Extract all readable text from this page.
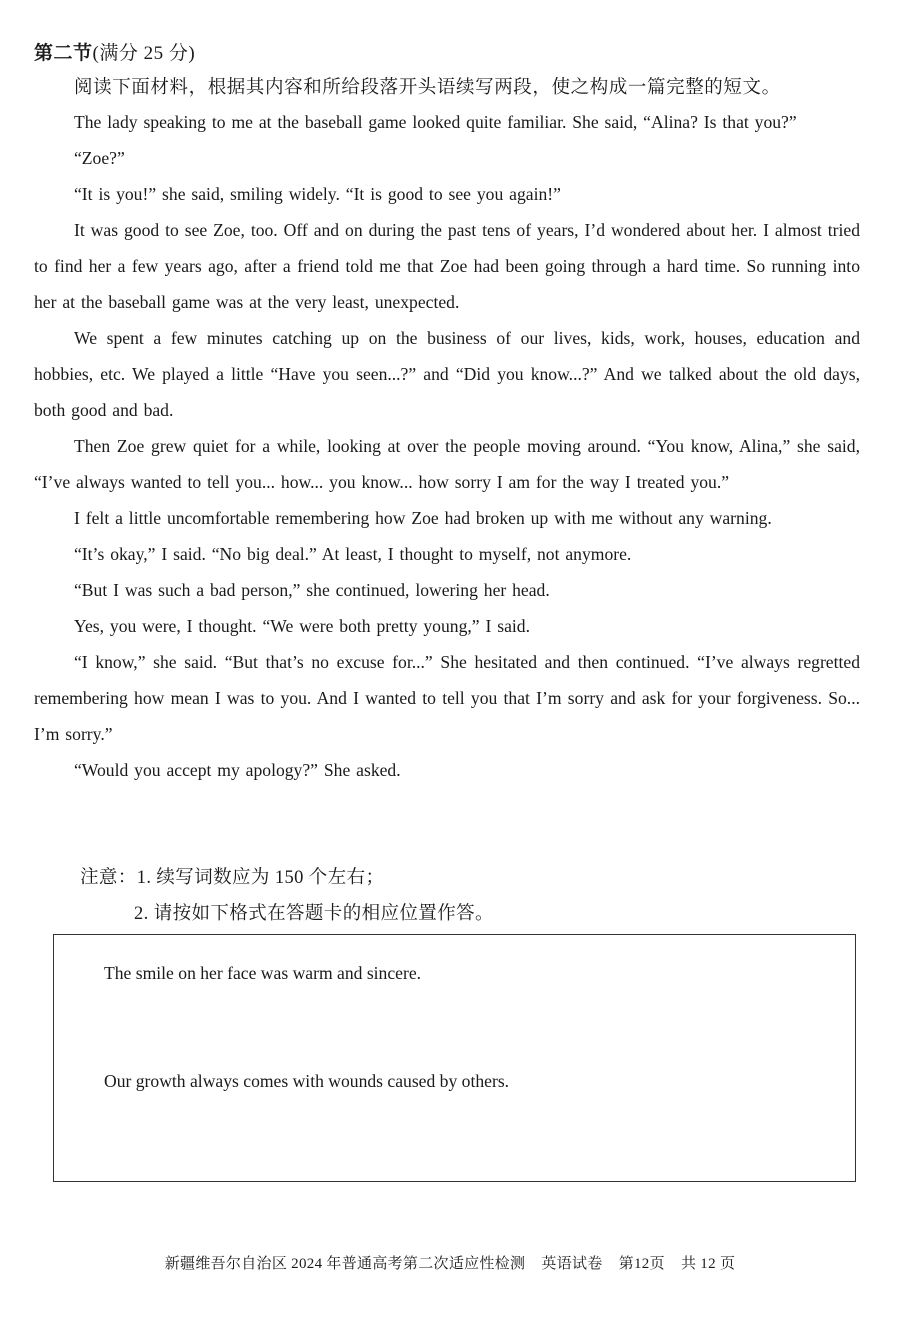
第二节(满分 25 分)
阅读下面材料，根据其内容和所给段落开头语续写两段，使之构成一篇完整的短文。

The lady speaking to me at the baseball game looked quite familiar. She said, “Alina? Is that you?”

“Zoe?”

“It is you!” she said, smiling widely. “It is good to see you again!”

It was good to see Zoe, too. Off and on during the past tens of years, I’d wondered about her. I almost tried to find her a few years ago, after a friend told me that Zoe had been going through a hard time. So running into her at the baseball game was at the very least, unexpected.

We spent a few minutes catching up on the business of our lives, kids, work, houses, education and hobbies, etc. We played a little “Have you seen...?” and “Did you know...?” And we talked about the old days, both good and bad.

Then Zoe grew quiet for a while, looking at over the people moving around. “You know, Alina,” she said, “I’ve always wanted to tell you... how... you know... how sorry I am for the way I treated you.”

I felt a little uncomfortable remembering how Zoe had broken up with me without any warning.

“It’s okay,” I said. “No big deal.” At least, I thought to myself, not anymore.

“But I was such a bad person,” she continued, lowering her head.

Yes, you were, I thought. “We were both pretty young,” I said.

“I know,” she said. “But that’s no excuse for...” She hesitated and then continued. “I’ve always regretted remembering how mean I was to you. And I wanted to tell you that I’m sorry and ask for your forgiveness. So... I’m sorry.”

“Would you accept my apology?” She asked.

注意：1. 续写词数应为 150 个左右；
2. 请按如下格式在答题卡的相应位置作答。
The smile on her face was warm and sincere.
Our growth always comes with wounds caused by others.
新疆维吾尔自治区 2024 年普通高考第二次适应性检测 英语试卷 第12页 共 12 页
